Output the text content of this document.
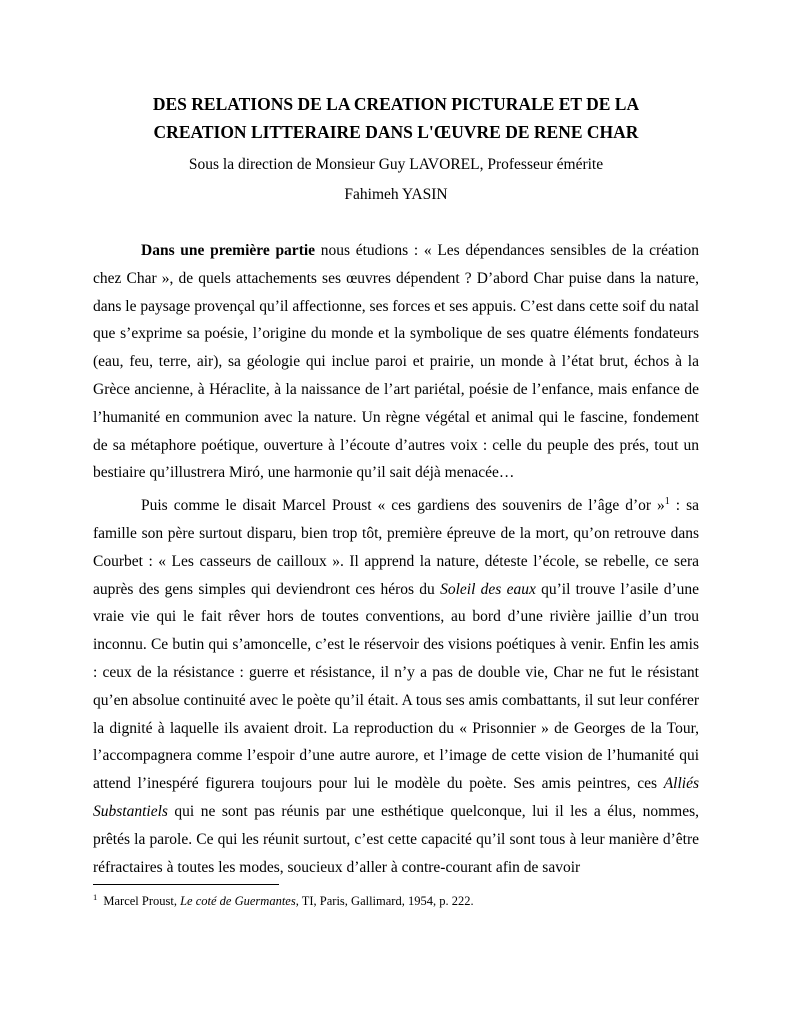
DES RELATIONS DE LA CREATION PICTURALE ET DE LA
CREATION LITTERAIRE DANS L'ŒUVRE DE RENE CHAR

Sous la direction de Monsieur Guy LAVOREL, Professeur émérite

Fahimeh YASIN

Dans une première partie nous étudions : « Les dépendances sensibles de la création chez Char », de quels attachements ses œuvres dépendent ? D’abord Char puise dans la nature, dans le paysage provençal qu’il affectionne, ses forces et ses appuis. C’est dans cette soif du natal que s’exprime sa poésie, l’origine du monde et la symbolique de ses quatre éléments fondateurs (eau, feu, terre, air), sa géologie qui inclue paroi et prairie, un monde à l’état brut, échos à la Grèce ancienne, à Héraclite, à la naissance de l’art pariétal, poésie de l’enfance, mais enfance de l’humanité en communion avec la nature. Un règne végétal et animal qui le fascine, fondement de sa métaphore poétique, ouverture à l’écoute d’autres voix : celle du peuple des prés, tout un bestiaire qu’illustrera Miró, une harmonie qu’il sait déjà menacée…

Puis comme le disait Marcel Proust « ces gardiens des souvenirs de l’âge d’or »$^1$ : sa famille son père surtout disparu, bien trop tôt, première épreuve de la mort, qu’on retrouve dans Courbet : « Les casseurs de cailloux ». Il apprend la nature, déteste l’école, se rebelle, ce sera auprès des gens simples qui deviendront ces héros du Soleil des eaux qu’il trouve l’asile d’une vraie vie qui le fait rêver hors de toutes conventions, au bord d’une rivière jaillie d’un trou inconnu. Ce butin qui s’amoncelle, c’est le réservoir des visions poétiques à venir. Enfin les amis : ceux de la résistance : guerre et résistance, il n’y a pas de double vie, Char ne fut le résistant qu’en absolue continuité avec le poète qu’il était. A tous ses amis combattants, il sut leur conférer la dignité à laquelle ils avaient droit. La reproduction du « Prisonnier » de Georges de la Tour, l’accompagnera comme l’espoir d’une autre aurore, et l’image de cette vision de l’humanité qui attend l’inespéré figurera toujours pour lui le modèle du poète. Ses amis peintres, ces Alliés Substantiels qui ne sont pas réunis par une esthétique quelconque, lui il les a élus, nommes, prêtés la parole. Ce qui les réunit surtout, c’est cette capacité qu’il sont tous à leur manière d’être réfractaires à toutes les modes, soucieux d’aller à contre-courant afin de savoir

$^1$ Marcel Proust, Le coté de Guermantes, TI, Paris, Gallimard, 1954, p. 222.
